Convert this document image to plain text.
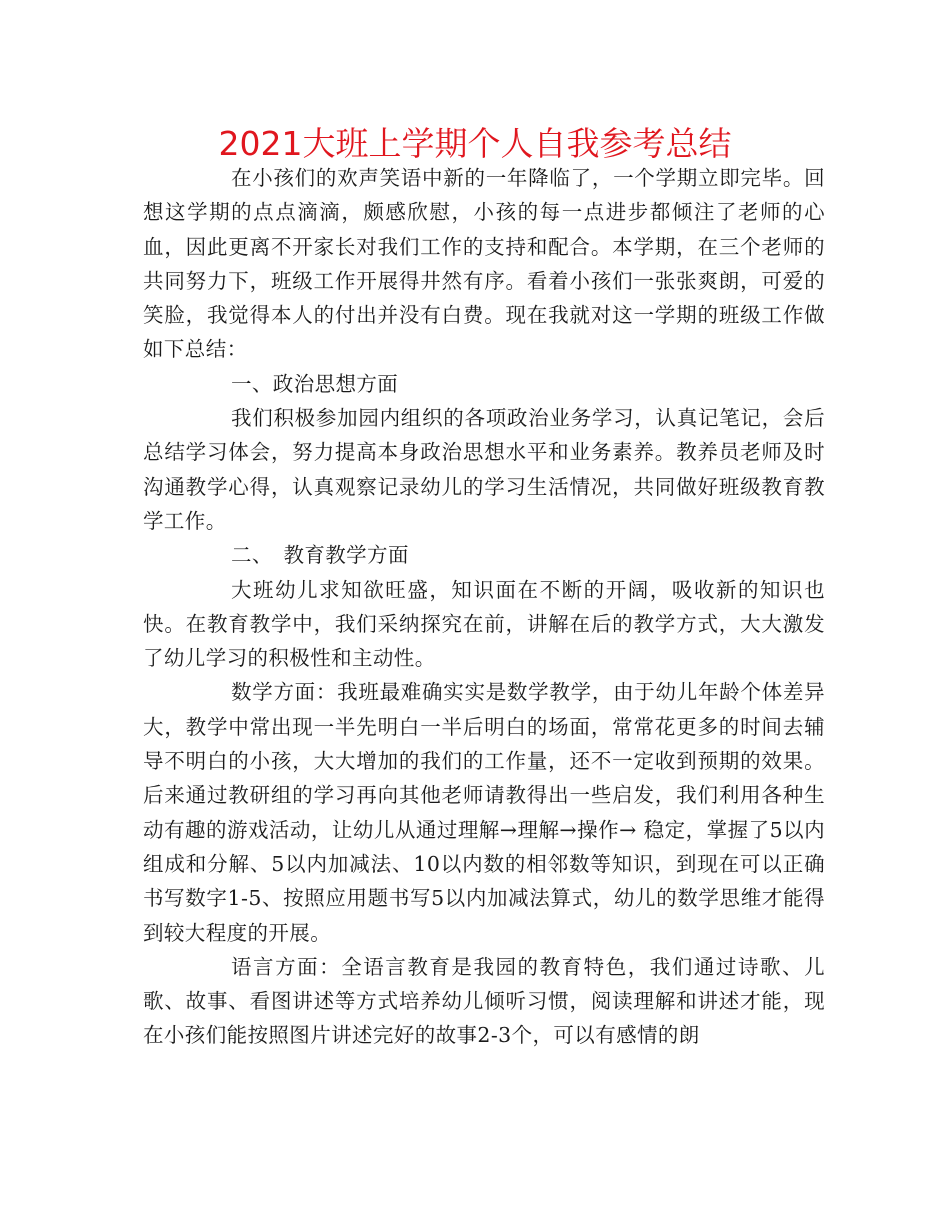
2021大班上学期个人自我参考总结

在小孩们的欢声笑语中新的一年降临了，一个学期立即完毕。回想这学期的点点滴滴，颇感欣慰，小孩的每一点进步都倾注了老师的心血，因此更离不开家长对我们工作的支持和配合。本学期，在三个老师的共同努力下，班级工作开展得井然有序。看着小孩们一张张爽朗，可爱的笑脸，我觉得本人的付出并没有白费。现在我就对这一学期的班级工作做如下总结：

一、政治思想方面

我们积极参加园内组织的各项政治业务学习，认真记笔记，会后总结学习体会，努力提高本身政治思想水平和业务素养。教养员老师及时沟通教学心得，认真观察记录幼儿的学习生活情况，共同做好班级教育教学工作。

二、　教育教学方面

大班幼儿求知欲旺盛，知识面在不断的开阔，吸收新的知识也快。在教育教学中，我们采纳探究在前，讲解在后的教学方式，大大激发了幼儿学习的积极性和主动性。

数学方面：我班最难确实实是数学教学，由于幼儿年龄个体差异大，教学中常出现一半先明白一半后明白的场面，常常花更多的时间去辅导不明白的小孩，大大增加的我们的工作量，还不一定收到预期的效果。后来通过教研组的学习再向其他老师请教得出一些启发，我们利用各种生动有趣的游戏活动，让幼儿从通过理解→理解→操作→ 稳定，掌握了5以内组成和分解、5以内加减法、10以内数的相邻数等知识，到现在可以正确书写数字1-5、按照应用题书写5以内加减法算式，幼儿的数学思维才能得到较大程度的开展。

语言方面：全语言教育是我园的教育特色，我们通过诗歌、儿歌、故事、看图讲述等方式培养幼儿倾听习惯，阅读理解和讲述才能，现在小孩们能按照图片讲述完好的故事2-3个，可以有感情的朗
